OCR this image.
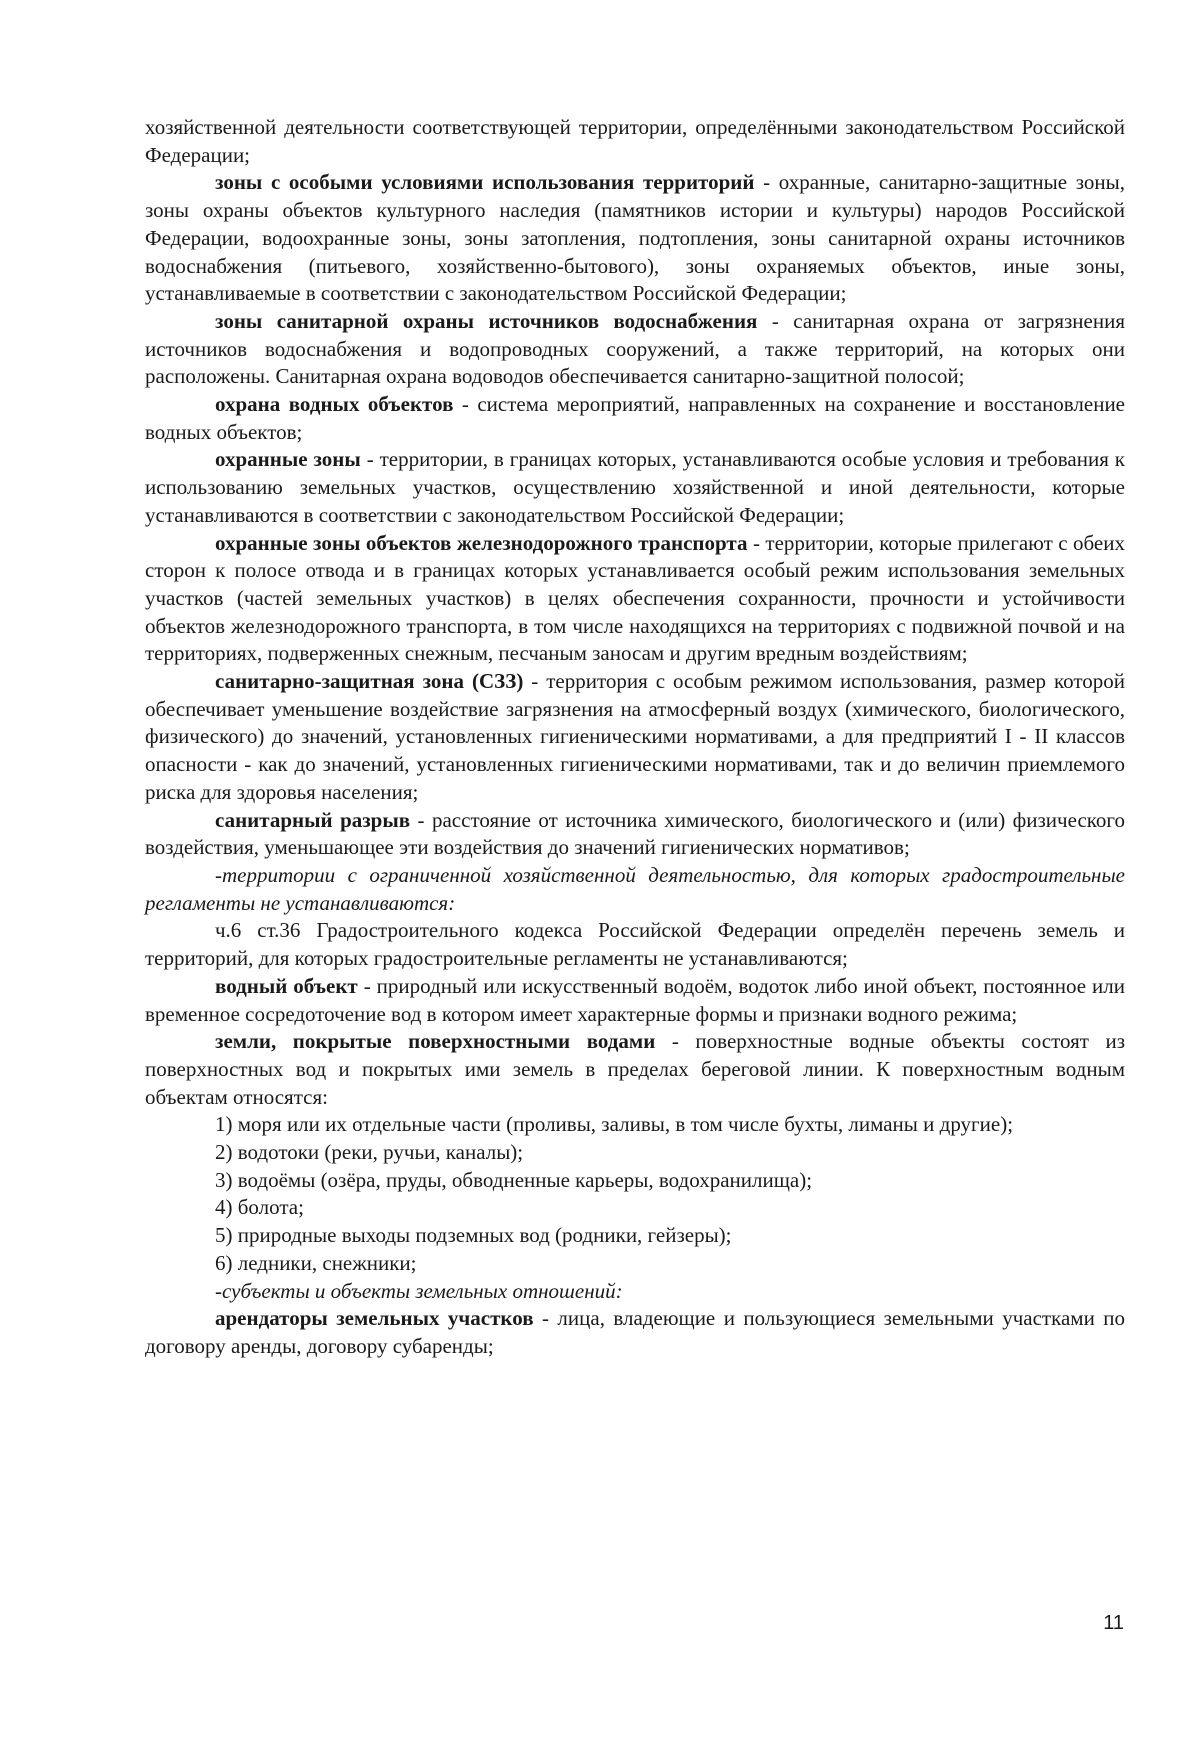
хозяйственной деятельности соответствующей территории, определёнными законодательством Российской Федерации;

зоны с особыми условиями использования территорий - охранные, санитарно-защитные зоны, зоны охраны объектов культурного наследия (памятников истории и культуры) народов Российской Федерации, водоохранные зоны, зоны затопления, подтопления, зоны санитарной охраны источников водоснабжения (питьевого, хозяйственно-бытового), зоны охраняемых объектов, иные зоны, устанавливаемые в соответствии с законодательством Российской Федерации;

зоны санитарной охраны источников водоснабжения - санитарная охрана от загрязнения источников водоснабжения и водопроводных сооружений, а также территорий, на которых они расположены. Санитарная охрана водоводов обеспечивается санитарно-защитной полосой;

охрана водных объектов - система мероприятий, направленных на сохранение и восстановление водных объектов;

охранные зоны - территории, в границах которых, устанавливаются особые условия и требования к использованию земельных участков, осуществлению хозяйственной и иной деятельности, которые устанавливаются в соответствии с законодательством Российской Федерации;

охранные зоны объектов железнодорожного транспорта - территории, которые прилегают с обеих сторон к полосе отвода и в границах которых устанавливается особый режим использования земельных участков (частей земельных участков) в целях обеспечения сохранности, прочности и устойчивости объектов железнодорожного транспорта, в том числе находящихся на территориях с подвижной почвой и на территориях, подверженных снежным, песчаным заносам и другим вредным воздействиям;

санитарно-защитная зона (СЗЗ) - территория с особым режимом использования, размер которой обеспечивает уменьшение воздействие загрязнения на атмосферный воздух (химического, биологического, физического) до значений, установленных гигиеническими нормативами, а для предприятий I - II классов опасности - как до значений, установленных гигиеническими нормативами, так и до величин приемлемого риска для здоровья населения;

санитарный разрыв - расстояние от источника химического, биологического и (или) физического воздействия, уменьшающее эти воздействия до значений гигиенических нормативов;

-территории с ограниченной хозяйственной деятельностью, для которых градостроительные регламенты не устанавливаются:

ч.6 ст.36 Градостроительного кодекса Российской Федерации определён перечень земель и территорий, для которых градостроительные регламенты не устанавливаются;

водный объект - природный или искусственный водоём, водоток либо иной объект, постоянное или временное сосредоточение вод в котором имеет характерные формы и признаки водного режима;

земли, покрытые поверхностными водами - поверхностные водные объекты состоят из поверхностных вод и покрытых ими земель в пределах береговой линии. К поверхностным водным объектам относятся:

1) моря или их отдельные части (проливы, заливы, в том числе бухты, лиманы и другие);

2) водотоки (реки, ручьи, каналы);

3) водоёмы (озёра, пруды, обводненные карьеры, водохранилища);

4) болота;

5) природные выходы подземных вод (родники, гейзеры);

6) ледники, снежники;

-субъекты и объекты земельных отношений:

арендаторы земельных участков - лица, владеющие и пользующиеся земельными участками по договору аренды, договору субаренды;

11
